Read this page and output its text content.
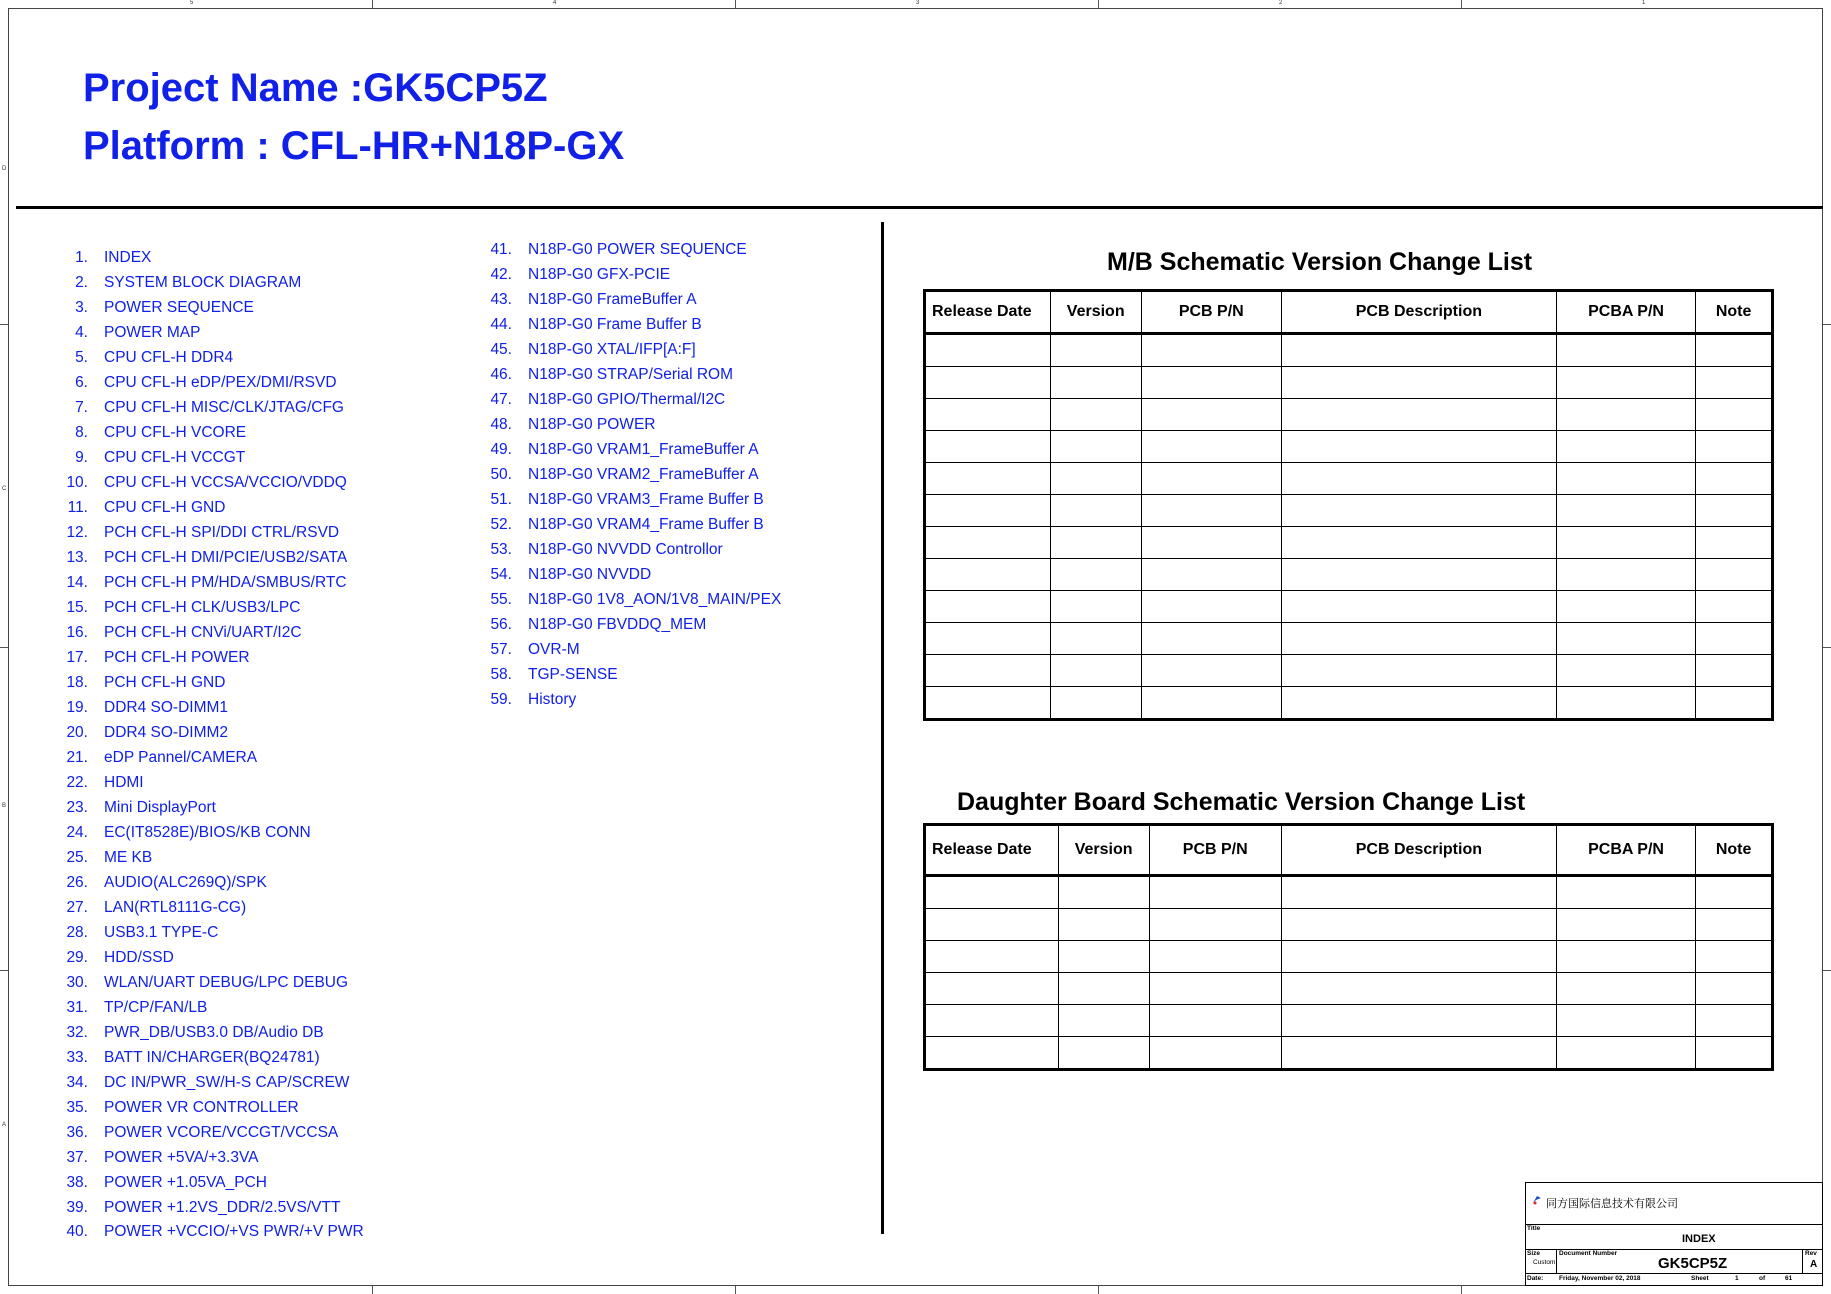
5	4	3	2	1
D
C
B
A
Project Name :GK5CP5Z
Platform : CFL-HR+N18P-GX
1. INDEX
2. SYSTEM BLOCK DIAGRAM
3. POWER SEQUENCE
4. POWER MAP
5. CPU CFL-H DDR4
6. CPU CFL-H eDP/PEX/DMI/RSVD
7. CPU CFL-H MISC/CLK/JTAG/CFG
8. CPU CFL-H VCORE
9. CPU CFL-H VCCGT
10. CPU CFL-H VCCSA/VCCIO/VDDQ
11. CPU CFL-H GND
12. PCH CFL-H SPI/DDI CTRL/RSVD
13. PCH CFL-H DMI/PCIE/USB2/SATA
14. PCH CFL-H PM/HDA/SMBUS/RTC
15. PCH CFL-H CLK/USB3/LPC
16. PCH CFL-H CNVi/UART/I2C
17. PCH CFL-H POWER
18. PCH CFL-H GND
19. DDR4 SO-DIMM1
20. DDR4 SO-DIMM2
21. eDP Pannel/CAMERA
22. HDMI
23. Mini DisplayPort
24. EC(IT8528E)/BIOS/KB CONN
25. ME KB
26. AUDIO(ALC269Q)/SPK
27. LAN(RTL8111G-CG)
28. USB3.1 TYPE-C
29. HDD/SSD
30. WLAN/UART DEBUG/LPC DEBUG
31. TP/CP/FAN/LB
32. PWR_DB/USB3.0 DB/Audio DB
33. BATT IN/CHARGER(BQ24781)
34. DC IN/PWR_SW/H-S CAP/SCREW
35. POWER VR CONTROLLER
36. POWER VCORE/VCCGT/VCCSA
37. POWER +5VA/+3.3VA
38. POWER +1.05VA_PCH
39. POWER +1.2VS_DDR/2.5VS/VTT
40. POWER +VCCIO/+VS PWR/+V PWR
41. N18P-G0 POWER SEQUENCE
42. N18P-G0 GFX-PCIE
43. N18P-G0 FrameBuffer A
44. N18P-G0 Frame Buffer B
45. N18P-G0 XTAL/IFP[A:F]
46. N18P-G0 STRAP/Serial ROM
47. N18P-G0 GPIO/Thermal/I2C
48. N18P-G0 POWER
49. N18P-G0 VRAM1_FrameBuffer A
50. N18P-G0 VRAM2_FrameBuffer A
51. N18P-G0 VRAM3_Frame Buffer B
52. N18P-G0 VRAM4_Frame Buffer B
53. N18P-G0 NVVDD Controllor
54. N18P-G0 NVVDD
55. N18P-G0 1V8_AON/1V8_MAIN/PEX
56. N18P-G0 FBVDDQ_MEM
57. OVR-M
58. TGP-SENSE
59. History
M/B Schematic Version Change List
Release Date	Version	PCB P/N	PCB Description	PCBA P/N	Note

Daughter Board Schematic Version Change List
Release Date	Version	PCB P/N	PCB Description	PCBA P/N	Note

同方国际信息技术有限公司
Title
INDEX
Size
Custom
Document Number
GK5CP5Z
Rev
A
Date: Friday, November 02, 2018	Sheet	1	of	61
